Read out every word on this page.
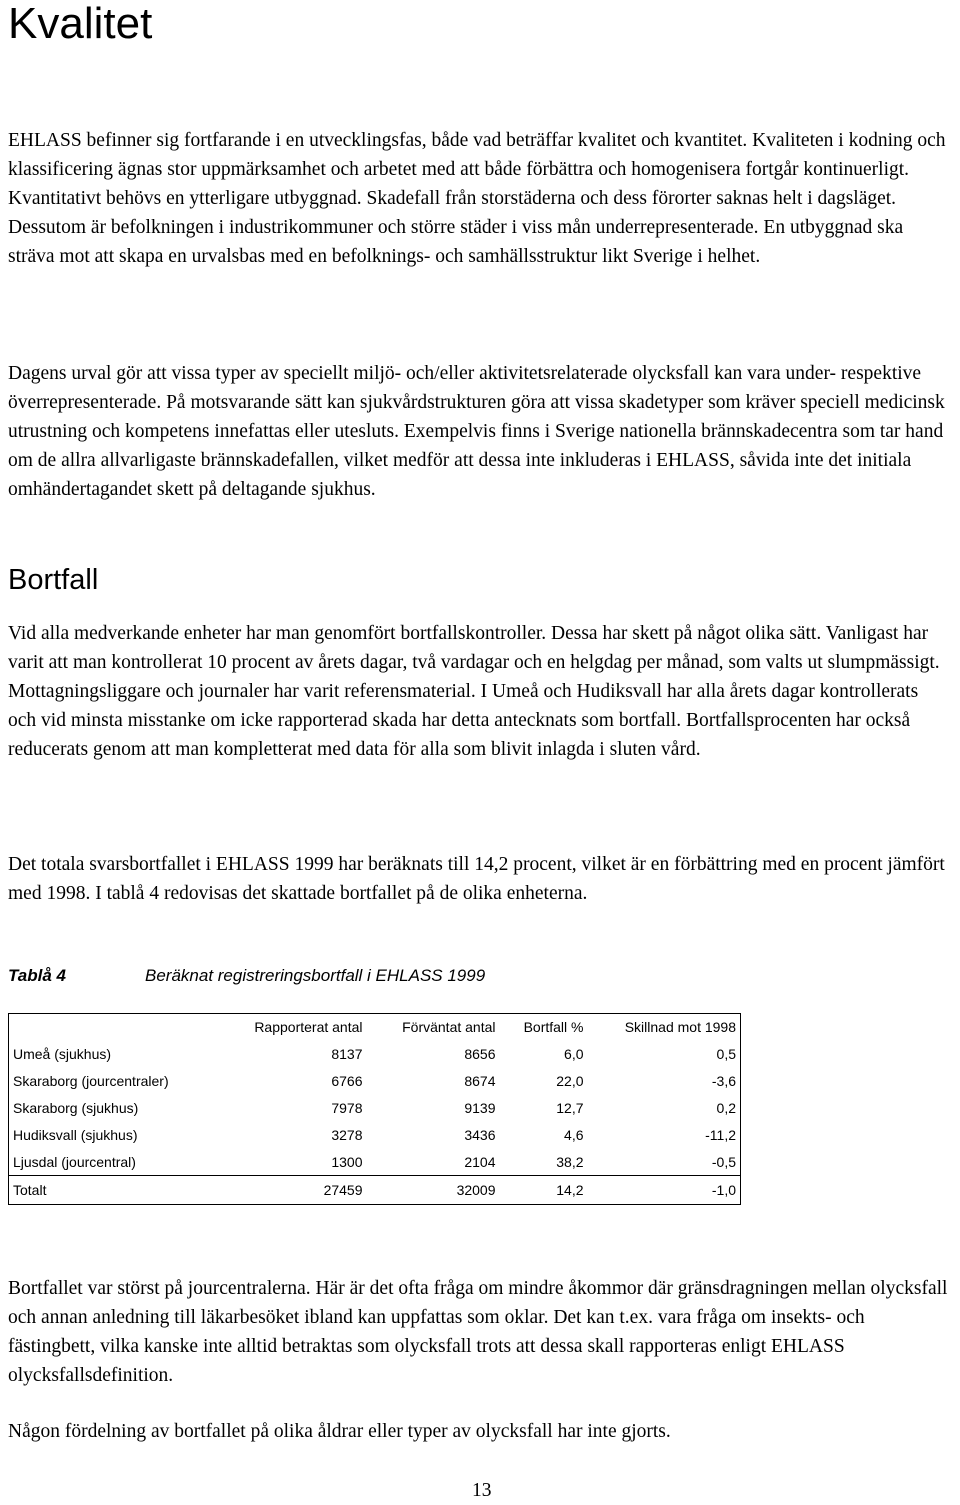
Kvalitet

EHLASS befinner sig fortfarande i en utvecklingsfas, både vad beträffar kvalitet och kvantitet. Kvaliteten i kodning och klassificering ägnas stor uppmärksamhet och arbetet med att både förbättra och homogenisera fortgår kontinuerligt. Kvantitativt behövs en ytterligare utbyggnad. Skadefall från storstäderna och dess förorter saknas helt i dagsläget. Dessutom är befolkningen i industrikommuner och större städer i viss mån underrepresenterade. En utbyggnad ska sträva mot att skapa en urvalsbas med en befolknings- och samhällsstruktur likt Sverige i helhet.

Dagens urval gör att vissa typer av speciellt miljö- och/eller aktivitetsrelaterade olycksfall kan vara under- respektive överrepresenterade. På motsvarande sätt kan sjukvårdstrukturen göra att vissa skadetyper som kräver speciell medicinsk utrustning och kompetens innefattas eller utesluts. Exempelvis finns i Sverige nationella brännskadecentra som tar hand om de allra allvarligaste brännskadefallen, vilket medför att dessa inte inkluderas i EHLASS, såvida inte det initiala omhändertagandet skett på deltagande sjukhus.

Bortfall

Vid alla medverkande enheter har man genomfört bortfallskontroller. Dessa har skett på något olika sätt. Vanligast har varit att man kontrollerat 10 procent av årets dagar, två vardagar och en helgdag per månad, som valts ut slumpmässigt. Mottagningsliggare och journaler har varit referensmaterial. I Umeå och Hudiksvall har alla årets dagar kontrollerats och vid minsta misstanke om icke rapporterad skada har detta antecknats som bortfall. Bortfallsprocenten har också reducerats genom att man kompletterat med data för alla som blivit inlagda i sluten vård.

Det totala svarsbortfallet i EHLASS 1999 har beräknats till 14,2 procent, vilket är en förbättring med en procent jämfört med 1998. I tablå 4 redovisas det skattade bortfallet på de olika enheterna.

Tablå 4	Beräknat registreringsbortfall i EHLASS 1999
	Rapporterat antal	Förväntat antal	Bortfall %	Skillnad mot 1998
Umeå (sjukhus)	8137	8656	6,0	0,5
Skaraborg (jourcentraler)	6766	8674	22,0	-3,6
Skaraborg (sjukhus)	7978	9139	12,7	0,2
Hudiksvall (sjukhus)	3278	3436	4,6	-11,2
Ljusdal (jourcentral)	1300	2104	38,2	-0,5
Totalt	27459	32009	14,2	-1,0

Bortfallet var störst på jourcentralerna. Här är det ofta fråga om mindre åkommor där gränsdragningen mellan olycksfall och annan anledning till läkarbesöket ibland kan uppfattas som oklar. Det kan t.ex. vara fråga om insekts- och fästingbett, vilka kanske inte alltid betraktas som olycksfall trots att dessa skall rapporteras enligt EHLASS olycksfallsdefinition.

Någon fördelning av bortfallet på olika åldrar eller typer av olycksfall har inte gjorts.

13
